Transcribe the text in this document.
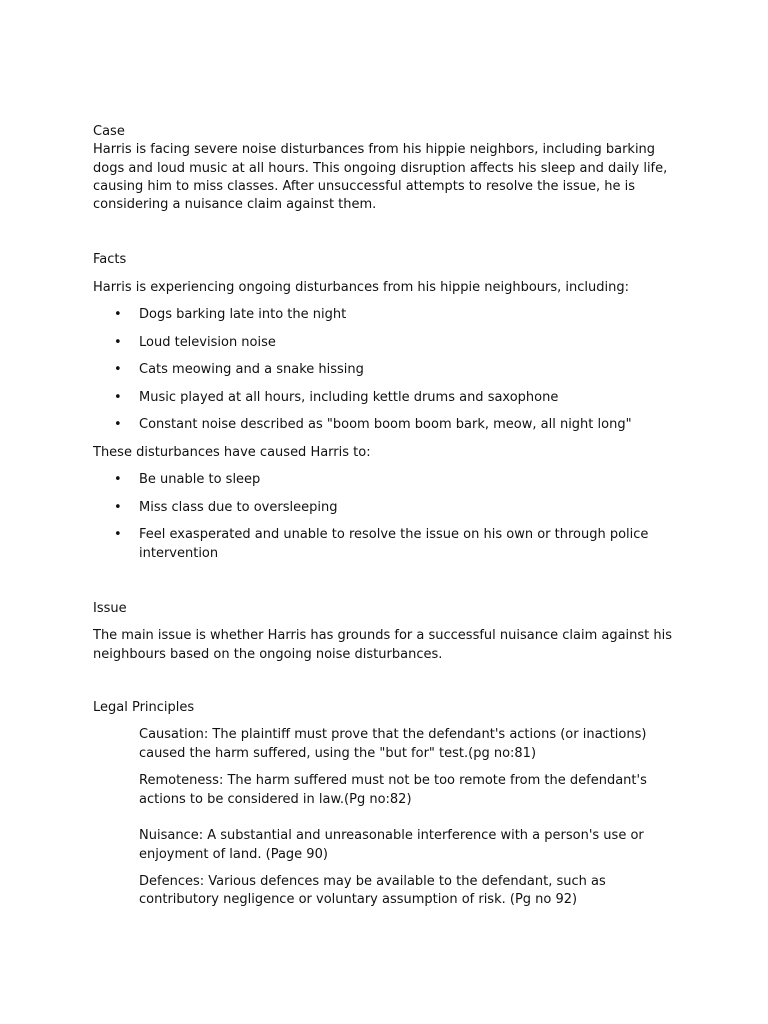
Case

Harris is facing severe noise disturbances from his hippie neighbors, including barking dogs and loud music at all hours. This ongoing disruption affects his sleep and daily life, causing him to miss classes. After unsuccessful attempts to resolve the issue, he is considering a nuisance claim against them.

Facts

Harris is experiencing ongoing disturbances from his hippie neighbours, including:

• Dogs barking late into the night
• Loud television noise
• Cats meowing and a snake hissing
• Music played at all hours, including kettle drums and saxophone
• Constant noise described as "boom boom boom bark, meow, all night long"

These disturbances have caused Harris to:

• Be unable to sleep
• Miss class due to oversleeping
• Feel exasperated and unable to resolve the issue on his own or through police intervention

Issue

The main issue is whether Harris has grounds for a successful nuisance claim against his neighbours based on the ongoing noise disturbances.

Legal Principles

Causation: The plaintiff must prove that the defendant's actions (or inactions) caused the harm suffered, using the "but for" test.(pg no:81)

Remoteness: The harm suffered must not be too remote from the defendant's actions to be considered in law.(Pg no:82)

Nuisance: A substantial and unreasonable interference with a person's use or enjoyment of land. (Page 90)

Defences: Various defences may be available to the defendant, such as contributory negligence or voluntary assumption of risk. (Pg no 92)
